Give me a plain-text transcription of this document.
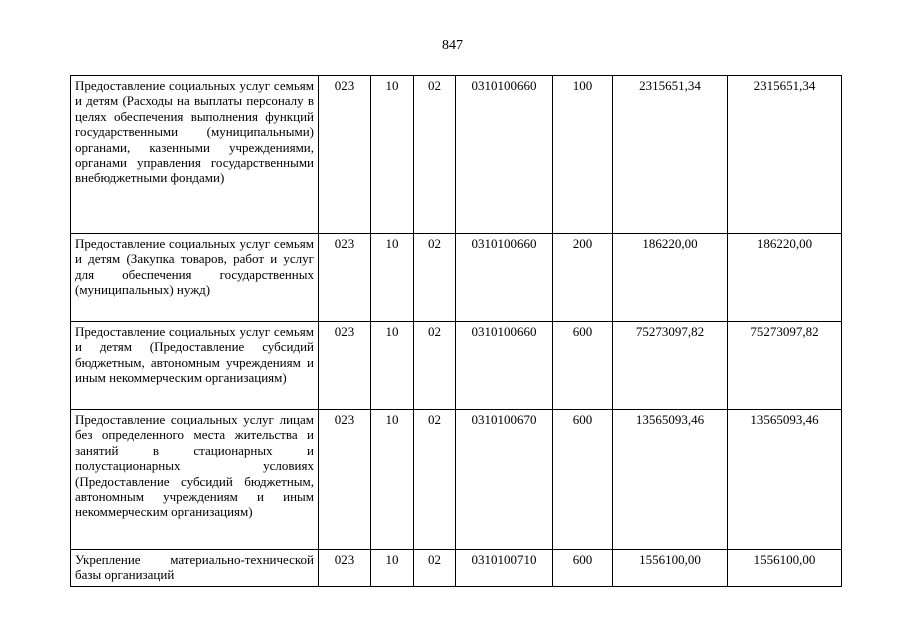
847
Предоставление социальных услуг семьям и детям (Расходы на выплаты персоналу в целях обеспечения выполнения функций государственными (муниципальными) органами, казенными учреждениями, органами управления государственными внебюджетными фондами)	023	10	02	0310100660	100	2315651,34	2315651,34
Предоставление социальных услуг семьям и детям (Закупка товаров, работ и услуг для обеспечения государственных (муниципальных) нужд)	023	10	02	0310100660	200	186220,00	186220,00
Предоставление социальных услуг семьям и детям (Предоставление субсидий бюджетным, автономным учреждениям и иным некоммерческим организациям)	023	10	02	0310100660	600	75273097,82	75273097,82
Предоставление социальных услуг лицам без определенного места жительства и занятий в стационарных и полустационарных условиях (Предоставление субсидий бюджетным, автономным учреждениям и иным некоммерческим организациям)	023	10	02	0310100670	600	13565093,46	13565093,46
Укрепление материально-технической базы организаций	023	10	02	0310100710	600	1556100,00	1556100,00
